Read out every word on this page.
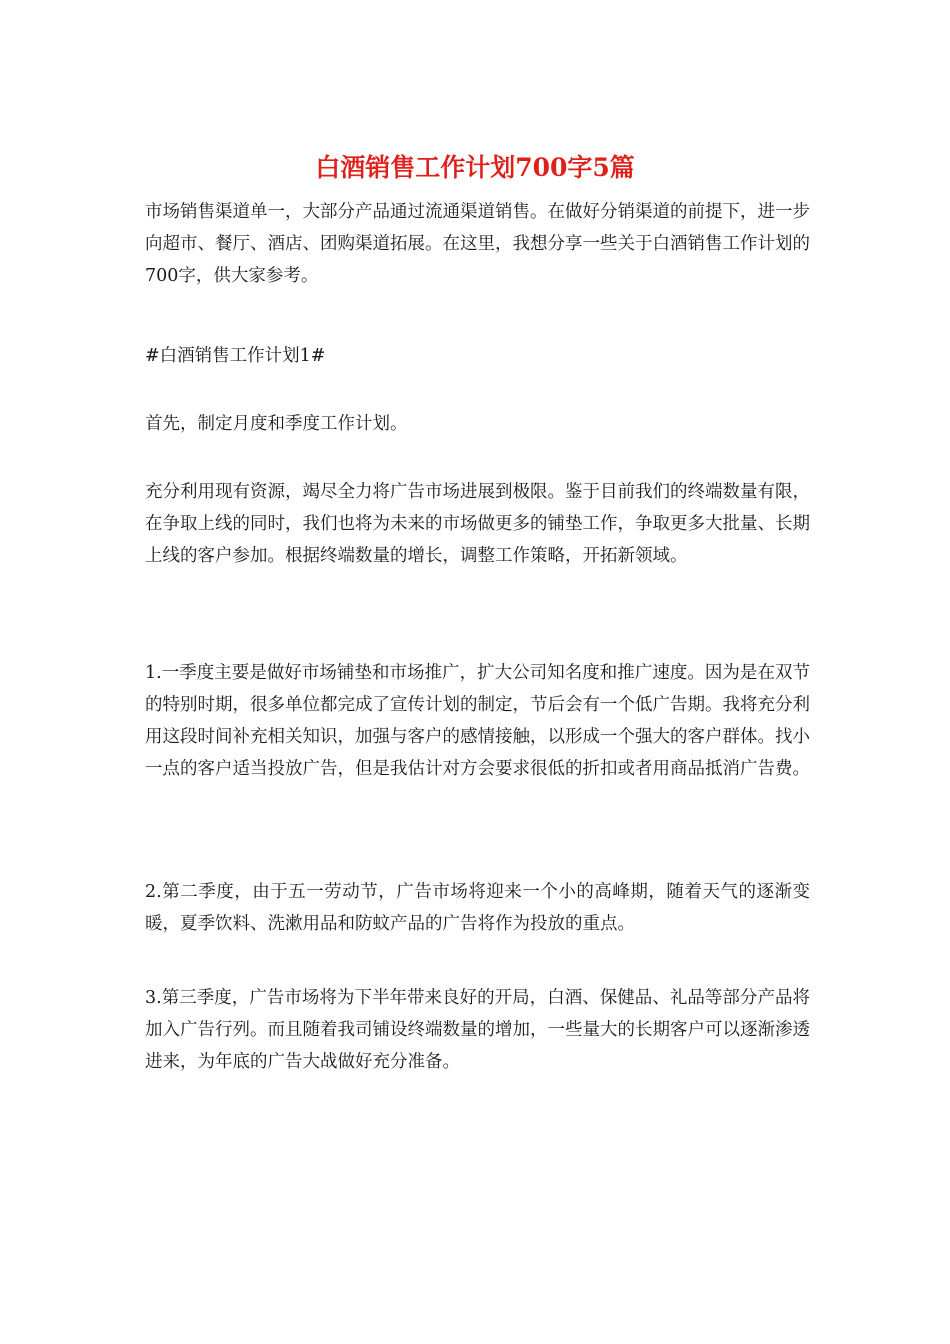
白酒销售工作计划700字5篇
市场销售渠道单一，大部分产品通过流通渠道销售。在做好分销渠道的前提下，进一步向超市、餐厅、酒店、团购渠道拓展。在这里，我想分享一些关于白酒销售工作计划的700字，供大家参考。
#白酒销售工作计划1#
首先，制定月度和季度工作计划。
充分利用现有资源，竭尽全力将广告市场进展到极限。鉴于目前我们的终端数量有限，在争取上线的同时，我们也将为未来的市场做更多的铺垫工作，争取更多大批量、长期上线的客户参加。根据终端数量的增长，调整工作策略，开拓新领域。
1.一季度主要是做好市场铺垫和市场推广，扩大公司知名度和推广速度。因为是在双节的特别时期，很多单位都完成了宣传计划的制定，节后会有一个低广告期。我将充分利用这段时间补充相关知识，加强与客户的感情接触，以形成一个强大的客户群体。找小一点的客户适当投放广告，但是我估计对方会要求很低的折扣或者用商品抵消广告费。
2.第二季度，由于五一劳动节，广告市场将迎来一个小的高峰期，随着天气的逐渐变暖，夏季饮料、洗漱用品和防蚊产品的广告将作为投放的重点。
3.第三季度，广告市场将为下半年带来良好的开局，白酒、保健品、礼品等部分产品将加入广告行列。而且随着我司铺设终端数量的增加，一些量大的长期客户可以逐渐渗透进来，为年底的广告大战做好充分准备。
